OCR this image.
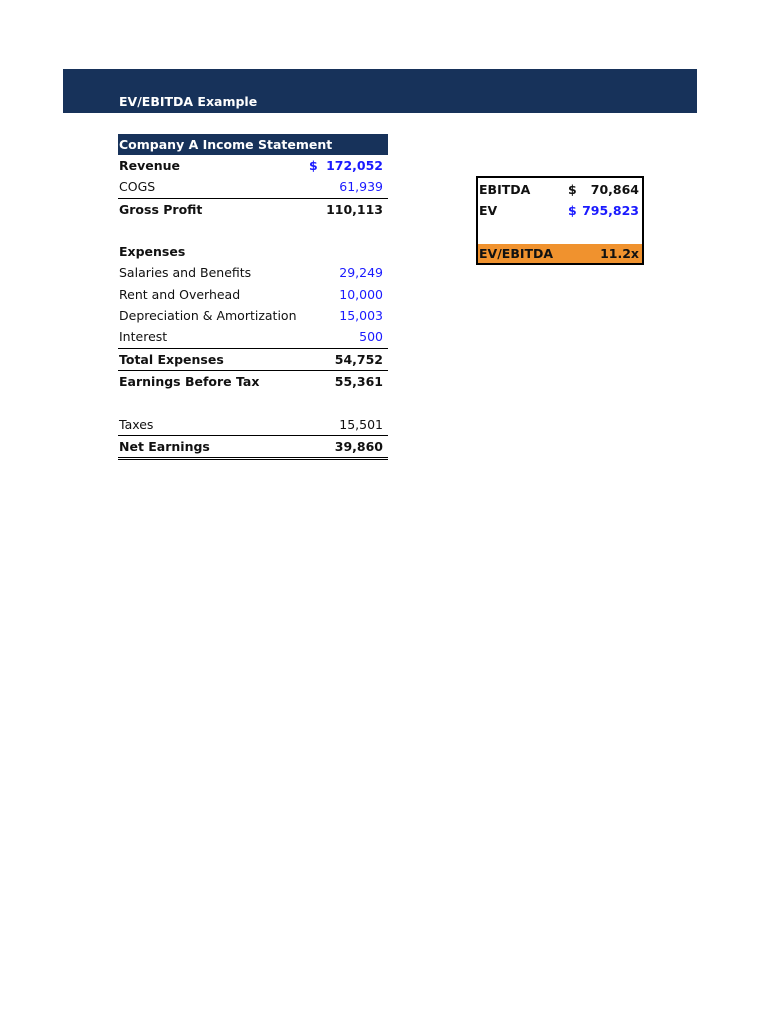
EV/EBITDA Example
Company A Income Statement
Revenue	$ 172,052
COGS	61,939
Gross Profit	110,113
Expenses
Salaries and Benefits	29,249
Rent and Overhead	10,000
Depreciation & Amortization	15,003
Interest	500
Total Expenses	54,752
Earnings Before Tax	55,361
Taxes	15,501
Net Earnings	39,860
EBITDA	$ 70,864
EV	$ 795,823
EV/EBITDA	11.2x
